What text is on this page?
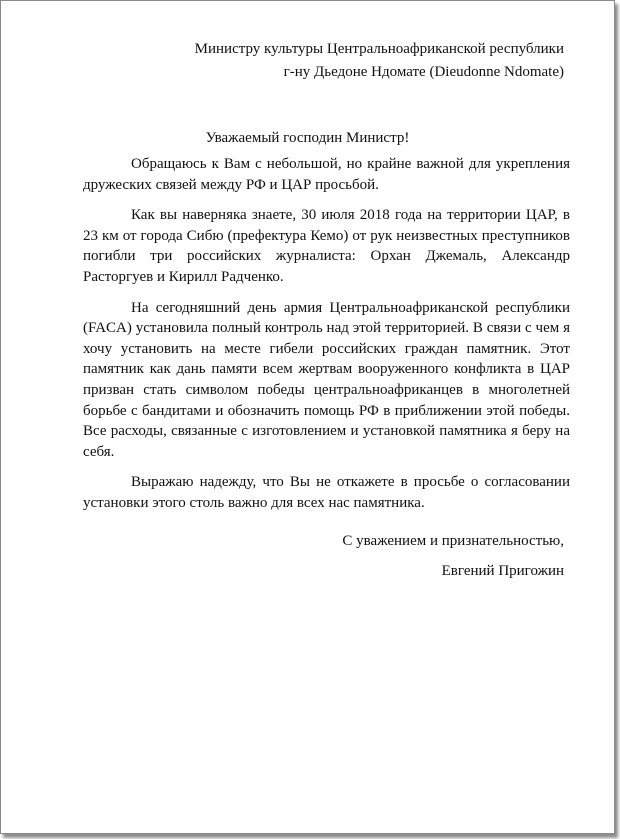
Министру культуры Центральноафриканской республики
г-ну Дьедоне Ндомате (Dieudonne Ndomate)
Уважаемый господин Министр!

Обращаюсь к Вам с небольшой, но крайне важной для укрепления дружеских связей между РФ и ЦАР просьбой.

Как вы наверняка знаете, 30 июля 2018 года на территории ЦАР, в 23 км от города Сибю (префектура Кемо) от рук неизвестных преступников погибли три российских журналиста: Орхан Джемаль, Александр Расторгуев и Кирилл Радченко.

На сегодняшний день армия Центральноафриканской республики (FACA) установила полный контроль над этой территорией. В связи с чем я хочу установить на месте гибели российских граждан памятник. Этот памятник как дань памяти всем жертвам вооруженного конфликта в ЦАР призван стать символом победы центральноафриканцев в многолетней борьбе с бандитами и обозначить помощь РФ в приближении этой победы. Все расходы, связанные с изготовлением и установкой памятника я беру на себя.

Выражаю надежду, что Вы не откажете в просьбе о согласовании установки этого столь важно для всех нас памятника.

С уважением и признательностью,
Евгений Пригожин
